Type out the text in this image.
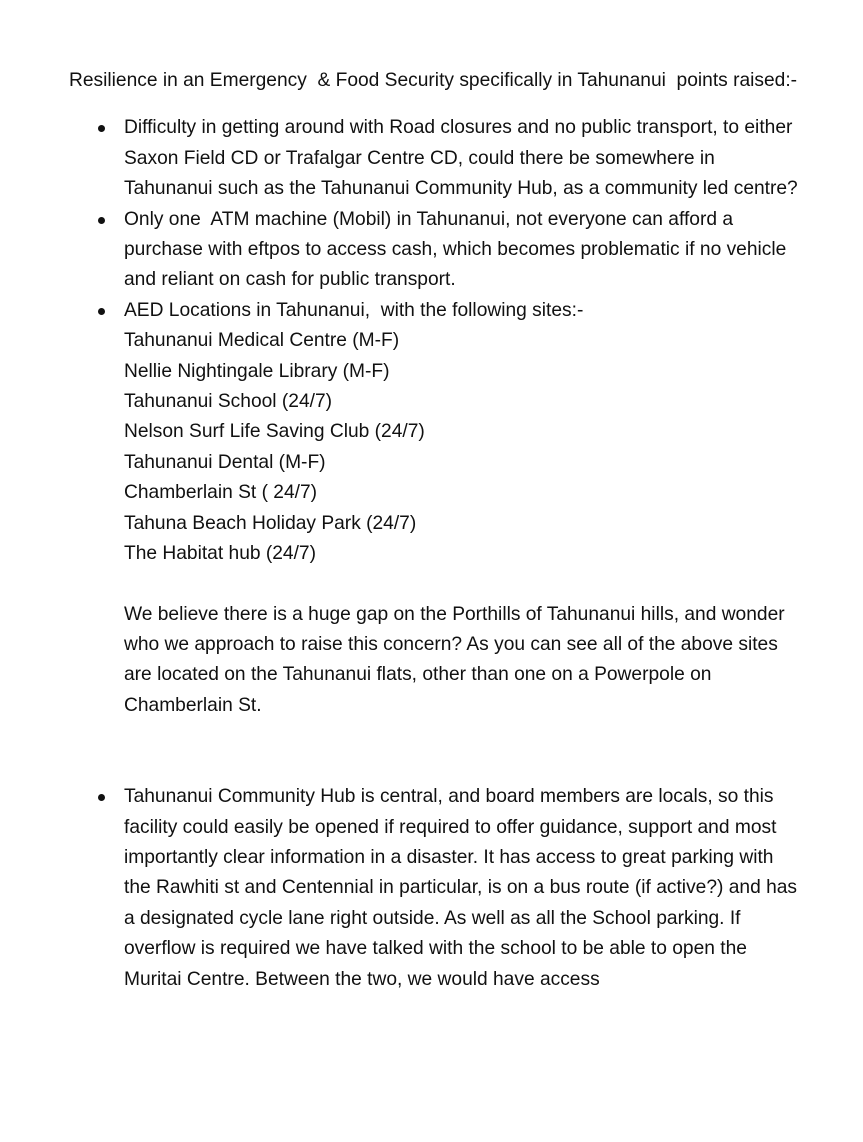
Resilience in an Emergency  & Food Security specifically in Tahunanui  points raised:-

Difficulty in getting around with Road closures and no public transport, to either Saxon Field CD or Trafalgar Centre CD, could there be somewhere in Tahunanui such as the Tahunanui Community Hub, as a community led centre?

Only one  ATM machine (Mobil) in Tahunanui, not everyone can afford a purchase with eftpos to access cash, which becomes problematic if no vehicle and reliant on cash for public transport.

AED Locations in Tahunanui,  with the following sites:-

Tahunanui Medical Centre (M-F)
Nellie Nightingale Library (M-F)
Tahunanui School (24/7)
Nelson Surf Life Saving Club (24/7)
Tahunanui Dental (M-F)
Chamberlain St ( 24/7)
Tahuna Beach Holiday Park (24/7)
The Habitat hub (24/7)

We believe there is a huge gap on the Porthills of Tahunanui hills, and wonder who we approach to raise this concern? As you can see all of the above sites are located on the Tahunanui flats, other than one on a Powerpole on Chamberlain St.

Tahunanui Community Hub is central, and board members are locals, so this facility could easily be opened if required to offer guidance, support and most importantly clear information in a disaster. It has access to great parking with the Rawhiti st and Centennial in particular, is on a bus route (if active?) and has a designated cycle lane right outside. As well as all the School parking. If overflow is required we have talked with the school to be able to open the Muritai Centre. Between the two, we would have access
